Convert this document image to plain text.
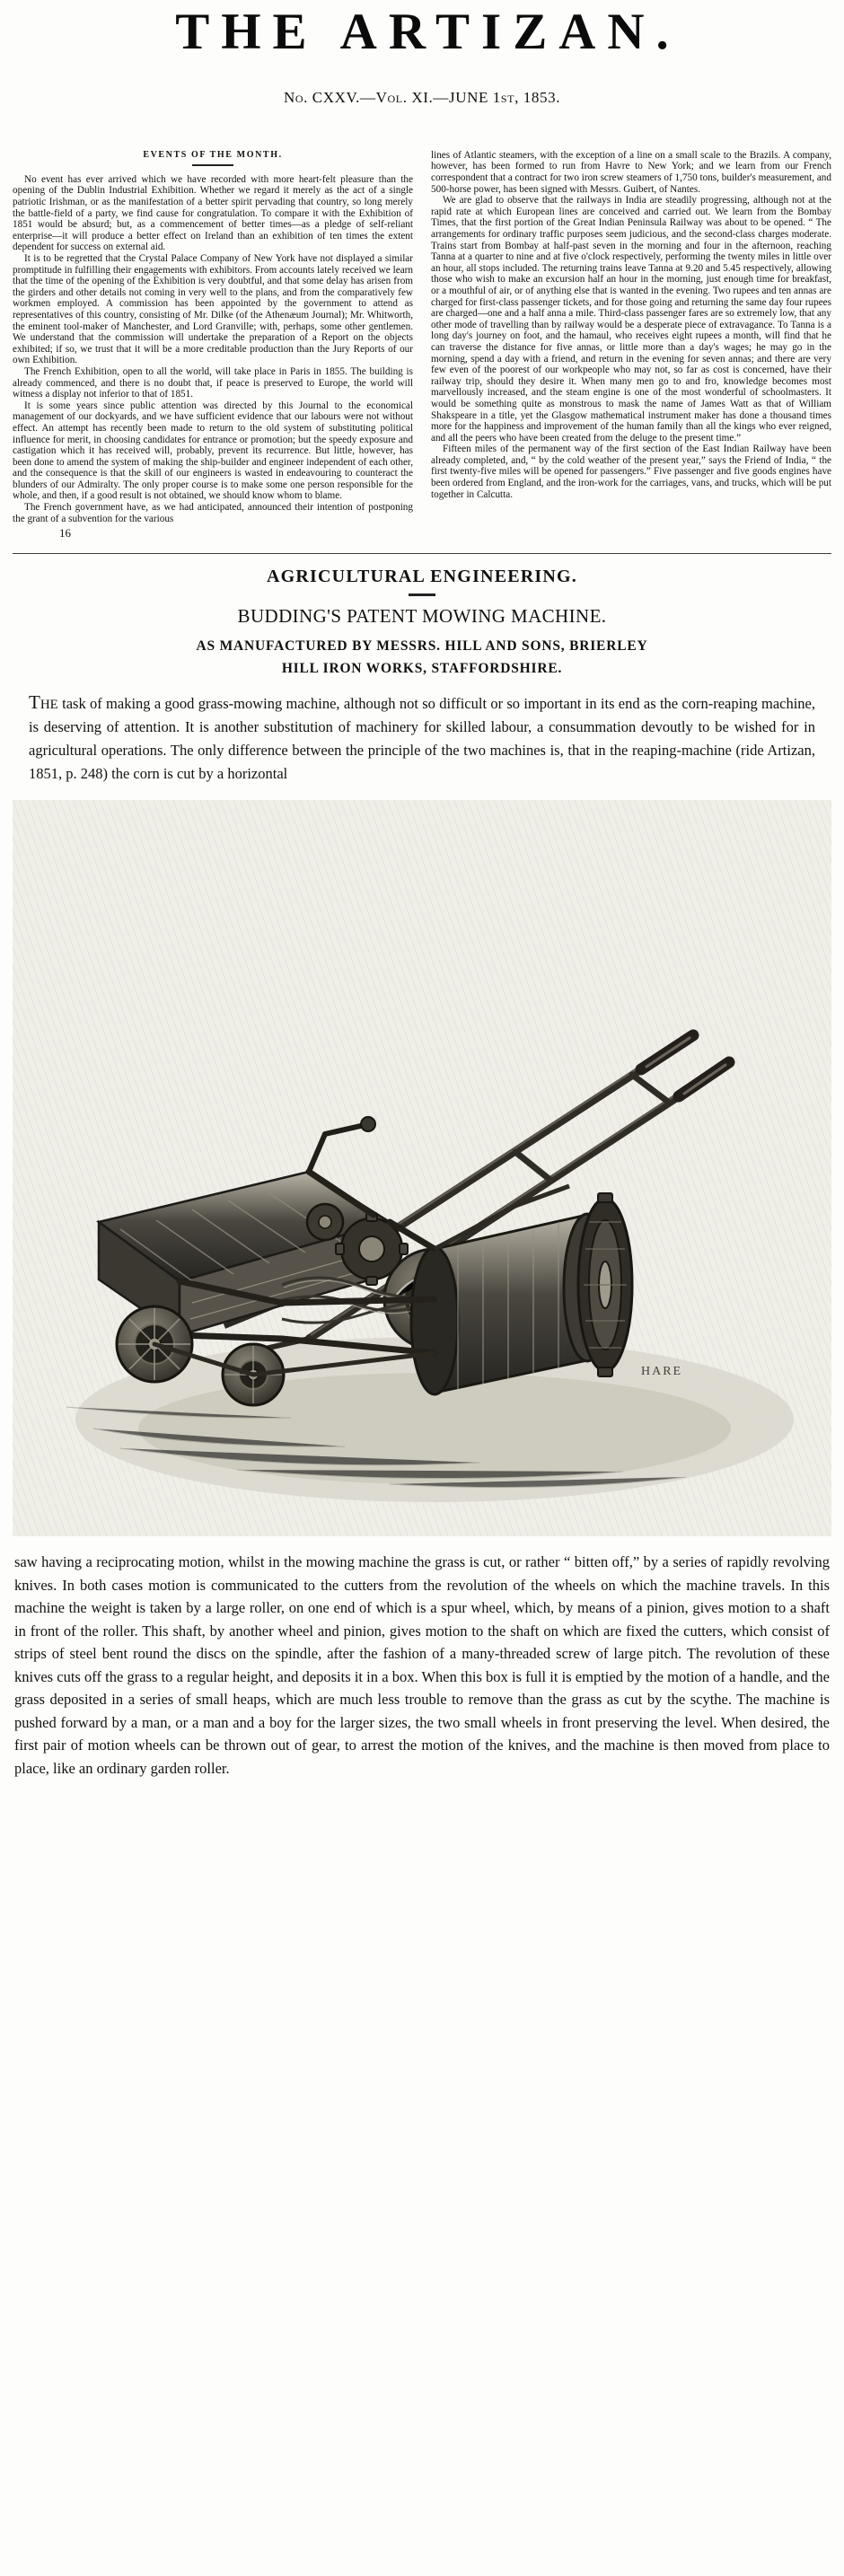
THE ARTIZAN.
No. CXXV.—Vol. XI.—JUNE 1st, 1853.
EVENTS OF THE MONTH.

No event has ever arrived which we have recorded with more heart-felt pleasure than the opening of the Dublin Industrial Exhibition. Whether we regard it merely as the act of a single patriotic Irishman, or as the manifestation of a better spirit pervading that country, so long merely the battle-field of a party, we find cause for congratulation. To compare it with the Exhibition of 1851 would be absurd; but, as a commencement of better times—as a pledge of self-reliant enterprise—it will produce a better effect on Ireland than an exhibition of ten times the extent dependent for success on external aid.

It is to be regretted that the Crystal Palace Company of New York have not displayed a similar promptitude in fulfilling their engagements with exhibitors. From accounts lately received we learn that the time of the opening of the Exhibition is very doubtful, and that some delay has arisen from the girders and other details not coming in very well to the plans, and from the comparatively few workmen employed. A commission has been appointed by the government to attend as representatives of this country, consisting of Mr. Dilke (of the Athenæum Journal); Mr. Whitworth, the eminent tool-maker of Manchester, and Lord Granville; with, perhaps, some other gentlemen. We understand that the commission will undertake the preparation of a Report on the objects exhibited; if so, we trust that it will be a more creditable production than the Jury Reports of our own Exhibition.

The French Exhibition, open to all the world, will take place in Paris in 1855. The building is already commenced, and there is no doubt that, if peace is preserved to Europe, the world will witness a display not inferior to that of 1851.

It is some years since public attention was directed by this Journal to the economical management of our dockyards, and we have sufficient evidence that our labours were not without effect. An attempt has recently been made to return to the old system of substituting political influence for merit, in choosing candidates for entrance or promotion; but the speedy exposure and castigation which it has received will, probably, prevent its recurrence. But little, however, has been done to amend the system of making the ship-builder and engineer independent of each other, and the consequence is that the skill of our engineers is wasted in endeavouring to counteract the blunders of our Admiralty. The only proper course is to make some one person responsible for the whole, and then, if a good result is not obtained, we should know whom to blame.

The French government have, as we had anticipated, announced their intention of postponing the grant of a subvention for the various

16

lines of Atlantic steamers, with the exception of a line on a small scale to the Brazils. A company, however, has been formed to run from Havre to New York; and we learn from our French correspondent that a contract for two iron screw steamers of 1,750 tons, builder's measurement, and 500-horse power, has been signed with Messrs. Guibert, of Nantes.

We are glad to observe that the railways in India are steadily progressing, although not at the rapid rate at which European lines are conceived and carried out. We learn from the Bombay Times, that the first portion of the Great Indian Peninsula Railway was about to be opened. “ The arrangements for ordinary traffic purposes seem judicious, and the second-class charges moderate. Trains start from Bombay at half-past seven in the morning and four in the afternoon, reaching Tanna at a quarter to nine and at five o'clock respectively, performing the twenty miles in little over an hour, all stops included. The returning trains leave Tanna at 9.20 and 5.45 respectively, allowing those who wish to make an excursion half an hour in the morning, just enough time for breakfast, or a mouthful of air, or of anything else that is wanted in the evening. Two rupees and ten annas are charged for first-class passenger tickets, and for those going and returning the same day four rupees are charged—one and a half anna a mile. Third-class passenger fares are so extremely low, that any other mode of travelling than by railway would be a desperate piece of extravagance. To Tanna is a long day's journey on foot, and the hamaul, who receives eight rupees a month, will find that he can traverse the distance for five annas, or little more than a day's wages; he may go in the morning, spend a day with a friend, and return in the evening for seven annas; and there are very few even of the poorest of our workpeople who may not, so far as cost is concerned, have their railway trip, should they desire it. When many men go to and fro, knowledge becomes most marvellously increased, and the steam engine is one of the most wonderful of schoolmasters. It would be something quite as monstrous to mask the name of James Watt as that of William Shakspeare in a title, yet the Glasgow mathematical instrument maker has done a thousand times more for the happiness and improvement of the human family than all the kings who ever reigned, and all the peers who have been created from the deluge to the present time.”

Fifteen miles of the permanent way of the first section of the East Indian Railway have been already completed, and, “ by the cold weather of the present year,” says the Friend of India, “ the first twenty-five miles will be opened for passengers.” Five passenger and five goods engines have been ordered from England, and the iron-work for the carriages, vans, and trucks, which will be put together in Calcutta.

AGRICULTURAL ENGINEERING.
BUDDING'S PATENT MOWING MACHINE.
AS MANUFACTURED BY MESSRS. HILL AND SONS, BRIERLEY
HILL IRON WORKS, STAFFORDSHIRE.

The task of making a good grass-mowing machine, although not so difficult or so important in its end as the corn-reaping machine, is deserving of attention. It is another substitution of machinery for skilled labour, a consummation devoutly to be wished for in agricultural operations. The only difference between the principle of the two machines is, that in the reaping-machine (ride Artizan, 1851, p. 248) the corn is cut by a horizontal

HARE

saw having a reciprocating motion, whilst in the mowing machine the grass is cut, or rather “ bitten off,” by a series of rapidly revolving knives. In both cases motion is communicated to the cutters from the revolution of the wheels on which the machine travels. In this machine the weight is taken by a large roller, on one end of which is a spur wheel, which, by means of a pinion, gives motion to a shaft in front of the roller. This shaft, by another wheel and pinion, gives motion to the shaft on which are fixed the cutters, which consist of strips of steel bent round the discs on the spindle, after the fashion of a many-threaded screw of large pitch. The revolution of these knives cuts off the grass to a regular height, and deposits it in a box. When this box is full it is emptied by the motion of a handle, and the grass deposited in a series of small heaps, which are much less trouble to remove than the grass as cut by the scythe. The machine is pushed forward by a man, or a man and a boy for the larger sizes, the two small wheels in front preserving the level. When desired, the first pair of motion wheels can be thrown out of gear, to arrest the motion of the knives, and the machine is then moved from place to place, like an ordinary garden roller.
